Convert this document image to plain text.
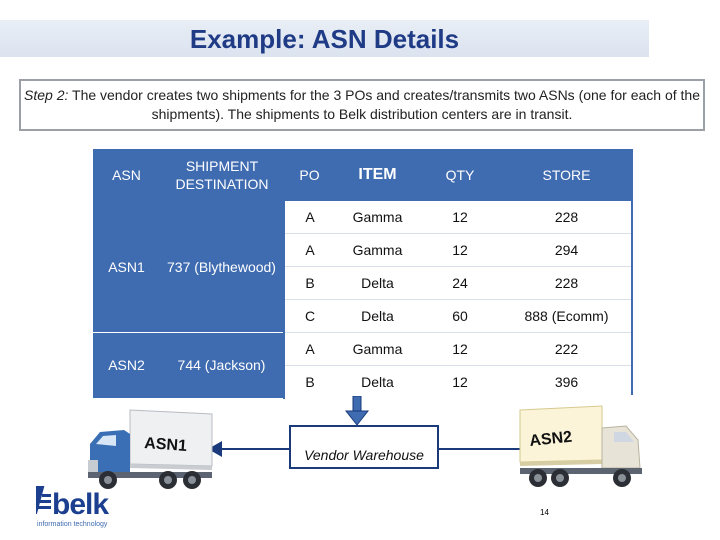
Example: ASN Details
Step 2: The vendor creates two shipments for the 3 POs and creates/transmits two ASNs (one for each of the shipments). The shipments to Belk distribution centers are in transit.
ASN	SHIPMENT DESTINATION	PO	ITEM	QTY	STORE
ASN1	737 (Blythewood)	A	Gamma	12	228
		A	Gamma	12	294
		B	Delta	24	228
		C	Delta	60	888 (Ecomm)
ASN2	744 (Jackson)	A	Gamma	12	222
		B	Delta	12	396
Vendor Warehouse
ASN1	ASN2
belk
information technology
14
